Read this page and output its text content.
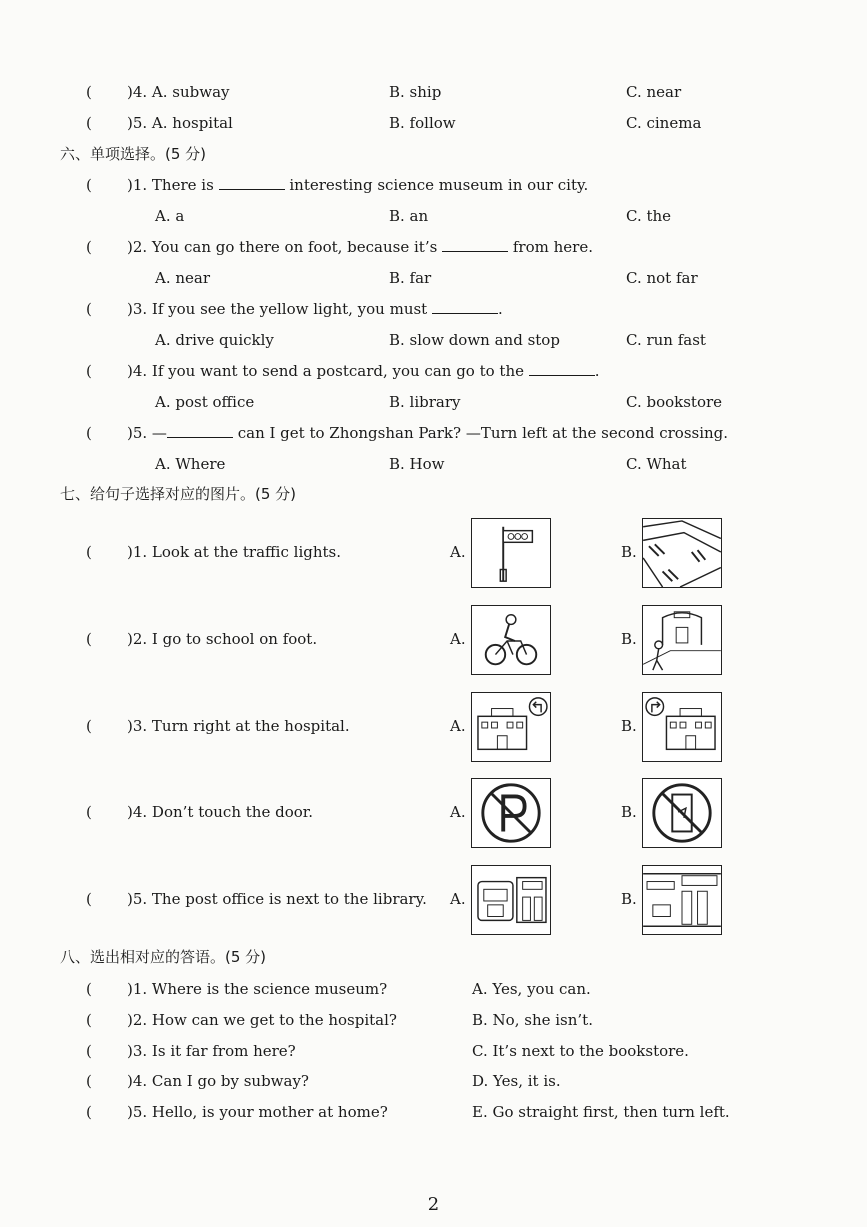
( )4. A. subway	B. ship	C. near
( )5. A. hospital	B. follow	C. cinema
六、单项选择。(5 分)
( )1. There is	interesting science museum in our city.
A. a	B. an	C. the
( )2. You can go there on foot, because it’s	from here.
A. near	B. far	C. not far
( )3. If you see the yellow light, you must	.
A. drive quickly	B. slow down and stop	C. run fast
( )4. If you want to send a postcard, you can go to the	.
A. post office	B. library	C. bookstore
( )5. —	can I get to Zhongshan Park? —Turn left at the second crossing.
A. Where	B. How	C. What
七、给句子选择对应的图片。(5 分)
( )1. Look at the traffic lights.	A.	B.
( )2. I go to school on foot.	A.	B.
( )3. Turn right at the hospital.	A.	B.
( )4. Don’t touch the door.	A.	B.
( )5. The post office is next to the library. A.	B.
八、选出相对应的答语。(5 分)
( )1. Where is the science museum?	A. Yes, you can.
( )2. How can we get to the hospital?	B. No, she isn’t.
( )3. Is it far from here?	C. It’s next to the bookstore.
( )4. Can I go by subway?	D. Yes, it is.
( )5. Hello, is your mother at home?	E. Go straight first, then turn left.
2
